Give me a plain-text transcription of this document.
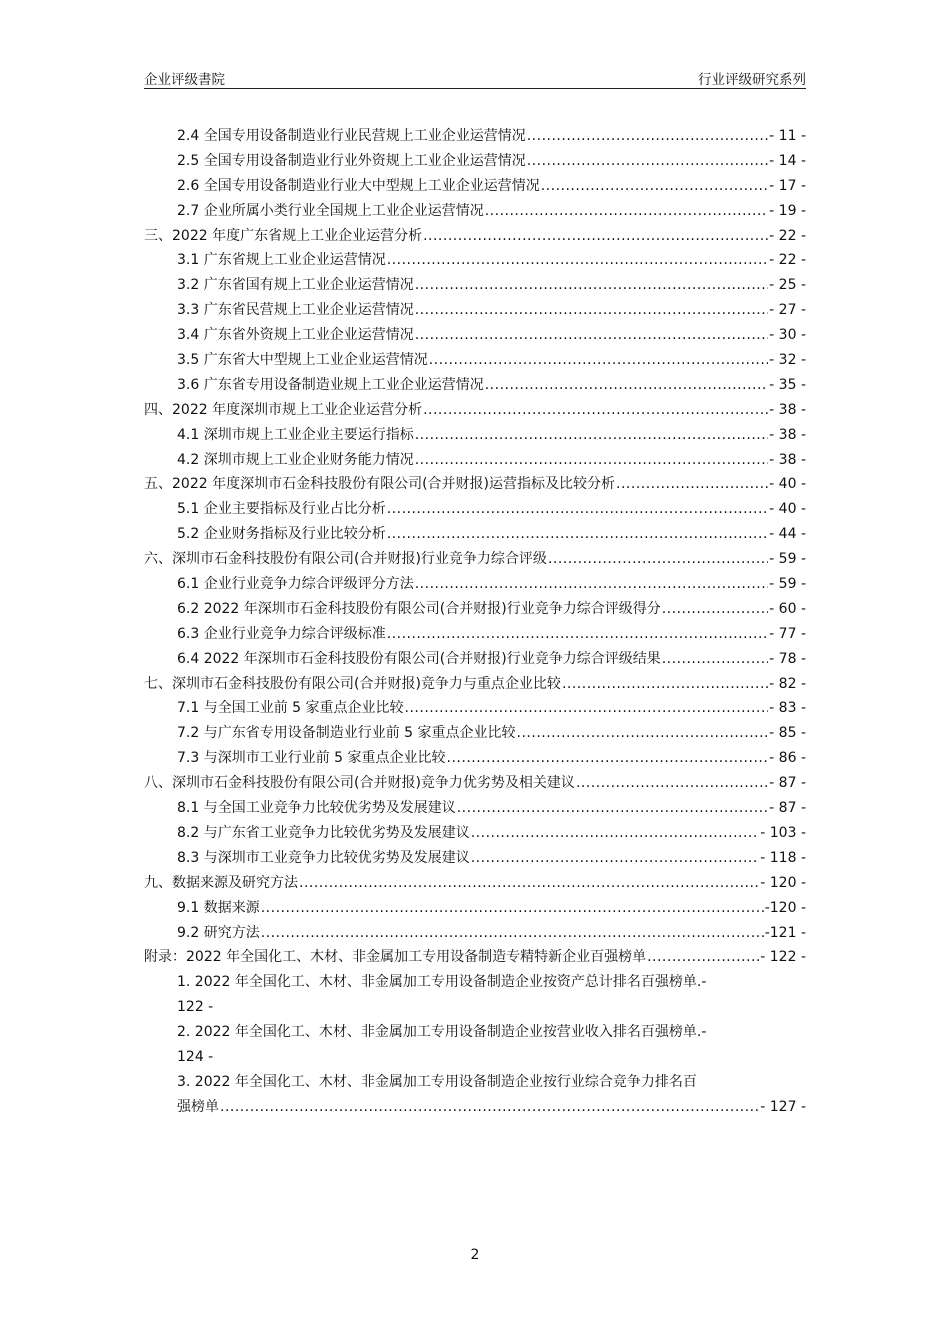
企业评级書院	行业评级研究系列
2.4 全国专用设备制造业行业民营规上工业企业运营情况 .....	- 11 -
2.5 全国专用设备制造业行业外资规上工业企业运营情况 .....	- 14 -
2.6 全国专用设备制造业行业大中型规上工业企业运营情况 .....	- 17 -
2.7 企业所属小类行业全国规上工业企业运营情况 .....	- 19 -
三、2022 年度广东省规上工业企业运营分析 .....	- 22 -
3.1 广东省规上工业企业运营情况 .....	- 22 -
3.2 广东省国有规上工业企业运营情况 .....	- 25 -
3.3 广东省民营规上工业企业运营情况 .....	- 27 -
3.4 广东省外资规上工业企业运营情况 .....	- 30 -
3.5 广东省大中型规上工业企业运营情况 .....	- 32 -
3.6 广东省专用设备制造业规上工业企业运营情况 .....	- 35 -
四、2022 年度深圳市规上工业企业运营分析 .....	- 38 -
4.1 深圳市规上工业企业主要运行指标 .....	- 38 -
4.2 深圳市规上工业企业财务能力情况 .....	- 38 -
五、2022 年度深圳市石金科技股份有限公司(合并财报)运营指标及比较分析 .....	- 40 -
5.1 企业主要指标及行业占比分析 .....	- 40 -
5.2 企业财务指标及行业比较分析 .....	- 44 -
六、深圳市石金科技股份有限公司(合并财报)行业竞争力综合评级 .....	- 59 -
6.1 企业行业竞争力综合评级评分方法 .....	- 59 -
6.2 2022 年深圳市石金科技股份有限公司(合并财报)行业竞争力综合评级得分 .....	- 60 -
6.3 企业行业竞争力综合评级标准 .....	- 77 -
6.4 2022 年深圳市石金科技股份有限公司(合并财报)行业竞争力综合评级结果 .....	- 78 -
七、深圳市石金科技股份有限公司(合并财报)竞争力与重点企业比较 .....	- 82 -
7.1 与全国工业前 5 家重点企业比较 .....	- 83 -
7.2 与广东省专用设备制造业行业前 5 家重点企业比较 .....	- 85 -
7.3 与深圳市工业行业前 5 家重点企业比较 .....	- 86 -
八、深圳市石金科技股份有限公司(合并财报)竞争力优劣势及相关建议 .....	- 87 -
8.1 与全国工业竞争力比较优劣势及发展建议 .....	- 87 -
8.2 与广东省工业竞争力比较优劣势及发展建议 .....	- 103 -
8.3 与深圳市工业竞争力比较优劣势及发展建议 .....	- 118 -
九、数据来源及研究方法 .....	- 120 -
9.1 数据来源 .....	-120 -
9.2 研究方法 .....	-121 -
附录：2022 年全国化工、木材、非金属加工专用设备制造专精特新企业百强榜单 .....	- 122 -
1. 2022 年全国化工、木材、非金属加工专用设备制造企业按资产总计排名百强榜单.-
122 -
2. 2022 年全国化工、木材、非金属加工专用设备制造企业按营业收入排名百强榜单.-
124 -
3. 2022 年全国化工、木材、非金属加工专用设备制造企业按行业综合竞争力排名百
强榜单 .....	- 127 -
2
